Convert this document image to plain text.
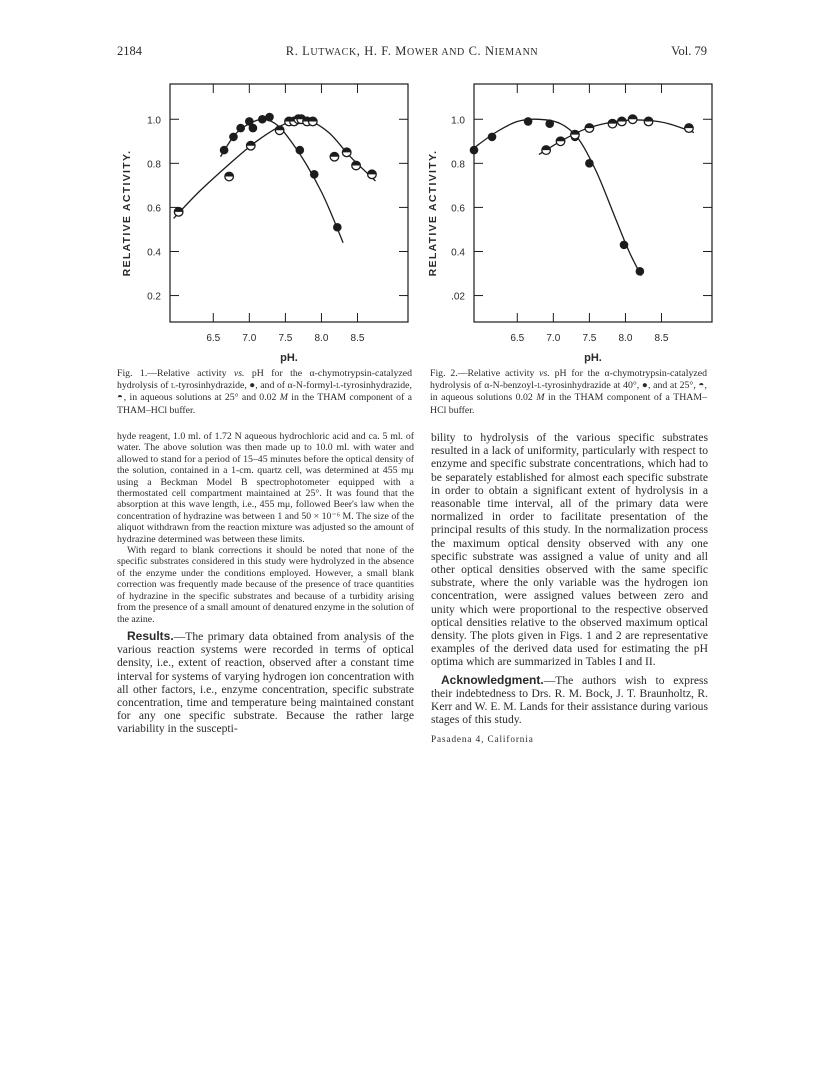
2184	R. LUTWACK, H. F. MOWER AND C. NIEMANN	Vol. 79
6.5 7.0 7.5 8.0 8.5
1.0
0.8
0.6
0.4
0.2
RELATIVE ACTIVITY.
pH.
6.5 7.0 7.5 8.0 8.5
1.0
0.8
0.6
0.4
.02
RELATIVE ACTIVITY.
pH.
Fig. 1.—Relative activity vs. pH for the α-chymotrypsin-catalyzed hydrolysis of l-tyrosinhydrazide, ●, and of α-N-formyl-l-tyrosinhydrazide, ◓, in aqueous solutions at 25° and 0.02 M in the THAM component of a THAM–HCl buffer.
Fig. 2.—Relative activity vs. pH for the α-chymotrypsin-catalyzed hydrolysis of α-N-benzoyl-l-tyrosinhydrazide at 40°, ●, and at 25°, ◓, in aqueous solutions 0.02 M in the THAM component of a THAM–HCl buffer.

hyde reagent, 1.0 ml. of 1.72 N aqueous hydrochloric acid and ca. 5 ml. of water. The above solution was then made up to 10.0 ml. with water and allowed to stand for a period of 15–45 minutes before the optical density of the solution, contained in a 1-cm. quartz cell, was determined at 455 mμ using a Beckman Model B spectrophotometer equipped with a thermostated cell compartment maintained at 25°. It was found that the absorption at this wave length, i.e., 455 mμ, followed Beer's law when the concentration of hydrazine was between 1 and 50 × 10⁻⁶ M. The size of the aliquot withdrawn from the reaction mixture was adjusted so the amount of hydrazine determined was between these limits.

With regard to blank corrections it should be noted that none of the specific substrates considered in this study were hydrolyzed in the absence of the enzyme under the conditions employed. However, a small blank correction was frequently made because of the presence of trace quantities of hydrazine in the specific substrates and because of a turbidity arising from the presence of a small amount of denatured enzyme in the solution of the azine.

Results.—The primary data obtained from analysis of the various reaction systems were recorded in terms of optical density, i.e., extent of reaction, observed after a constant time interval for systems of varying hydrogen ion concentration with all other factors, i.e., enzyme concentration, specific substrate concentration, time and temperature being maintained constant for any one specific substrate. Because the rather large variability in the suscepti-

bility to hydrolysis of the various specific substrates resulted in a lack of uniformity, particularly with respect to enzyme and specific substrate concentrations, which had to be separately established for almost each specific substrate in order to obtain a significant extent of hydrolysis in a reasonable time interval, all of the primary data were normalized in order to facilitate presentation of the principal results of this study. In the normalization process the maximum optical density observed with any one specific substrate was assigned a value of unity and all other optical densities observed with the same specific substrate, where the only variable was the hydrogen ion concentration, were assigned values between zero and unity which were proportional to the respective observed optical densities relative to the observed maximum optical density. The plots given in Figs. 1 and 2 are representative examples of the derived data used for estimating the pH optima which are summarized in Tables I and II.

Acknowledgment.—The authors wish to express their indebtedness to Drs. R. M. Bock, J. T. Braunholtz, R. Kerr and W. E. M. Lands for their assistance during various stages of this study.

Pasadena 4, California
